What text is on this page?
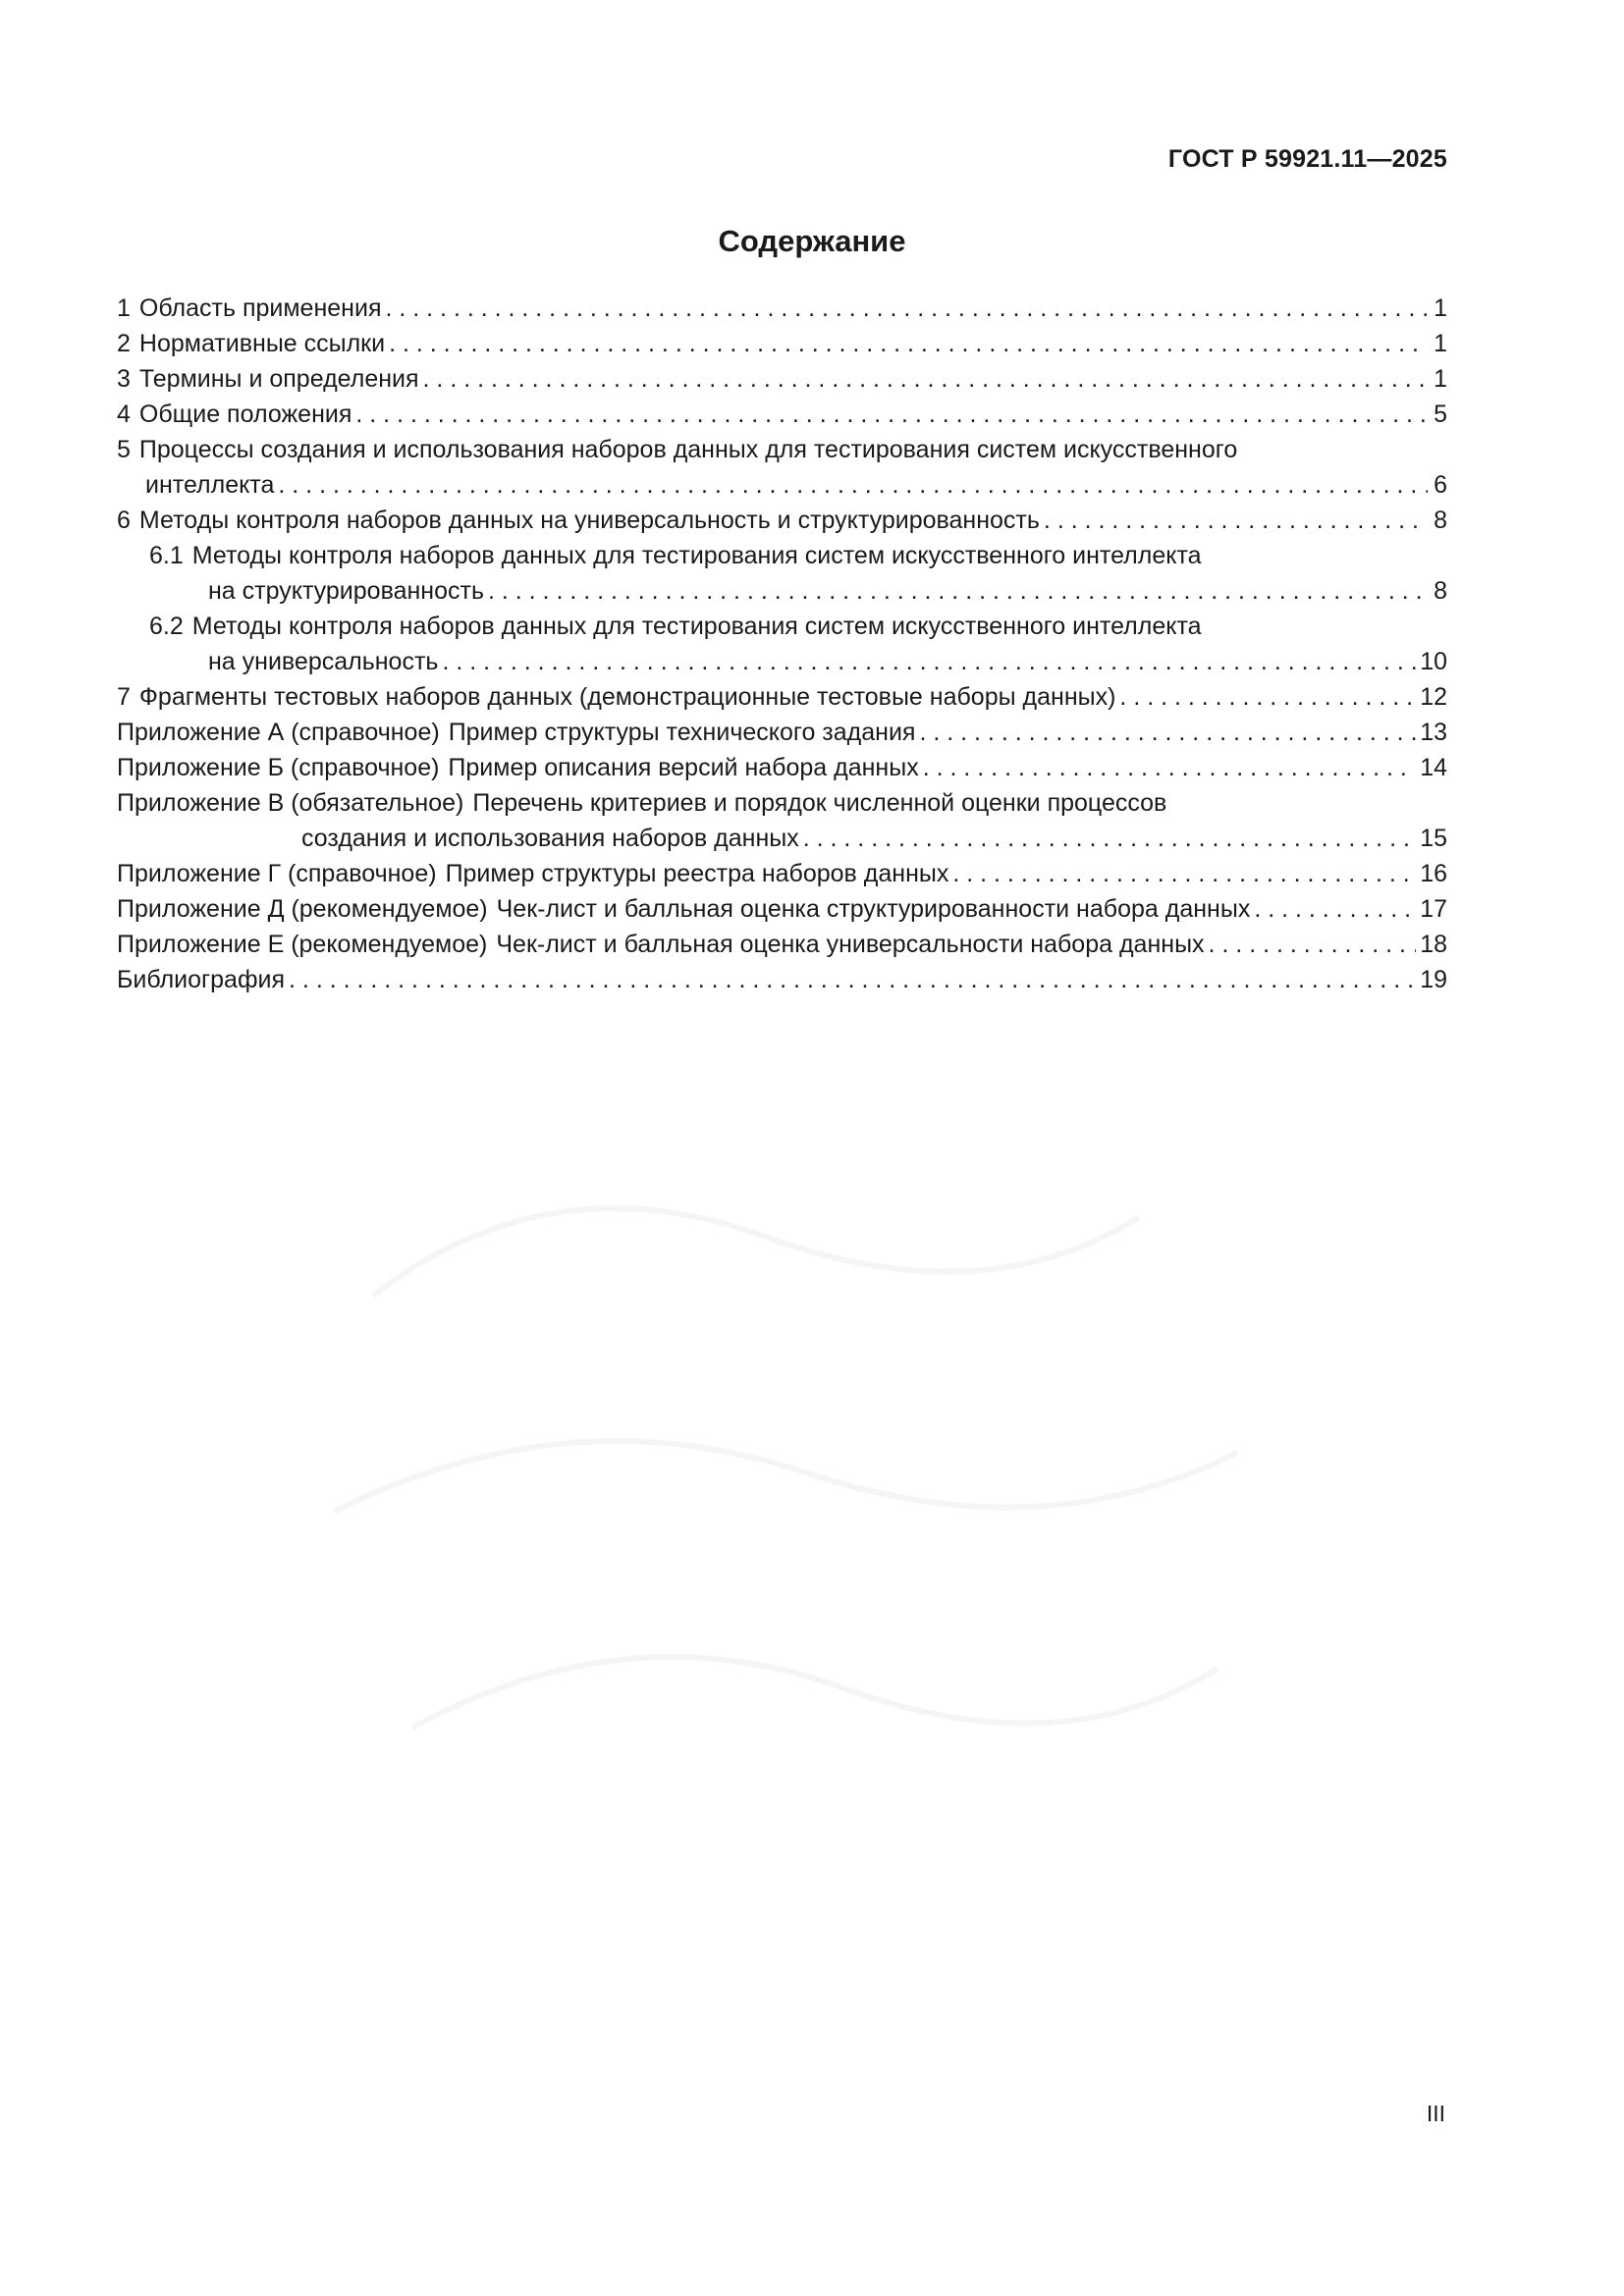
ГОСТ Р 59921.11—2025
Содержание
1 Область применения . . .	1
2 Нормативные ссылки . . .	1
3 Термины и определения . . .	1
4 Общие положения . . .	5
5 Процессы создания и использования наборов данных для тестирования систем искусственного
интеллекта . . .	6
6 Методы контроля наборов данных на универсальность и структурированность . . .	8
6.1 Методы контроля наборов данных для тестирования систем искусственного интеллекта
на структурированность . . .	8
6.2 Методы контроля наборов данных для тестирования систем искусственного интеллекта
на универсальность . . .	10
7 Фрагменты тестовых наборов данных (демонстрационные тестовые наборы данных) . . .	12
Приложение А (справочное) Пример структуры технического задания . . .	13
Приложение Б (справочное) Пример описания версий набора данных . . .	14
Приложение В (обязательное) Перечень критериев и порядок численной оценки процессов
создания и использования наборов данных . . .	15
Приложение Г (справочное) Пример структуры реестра наборов данных . . .	16
Приложение Д (рекомендуемое) Чек-лист и балльная оценка структурированности набора данных . . .	17
Приложение Е (рекомендуемое) Чек-лист и балльная оценка универсальности набора данных . . .	18
Библиография . . .	19
III
